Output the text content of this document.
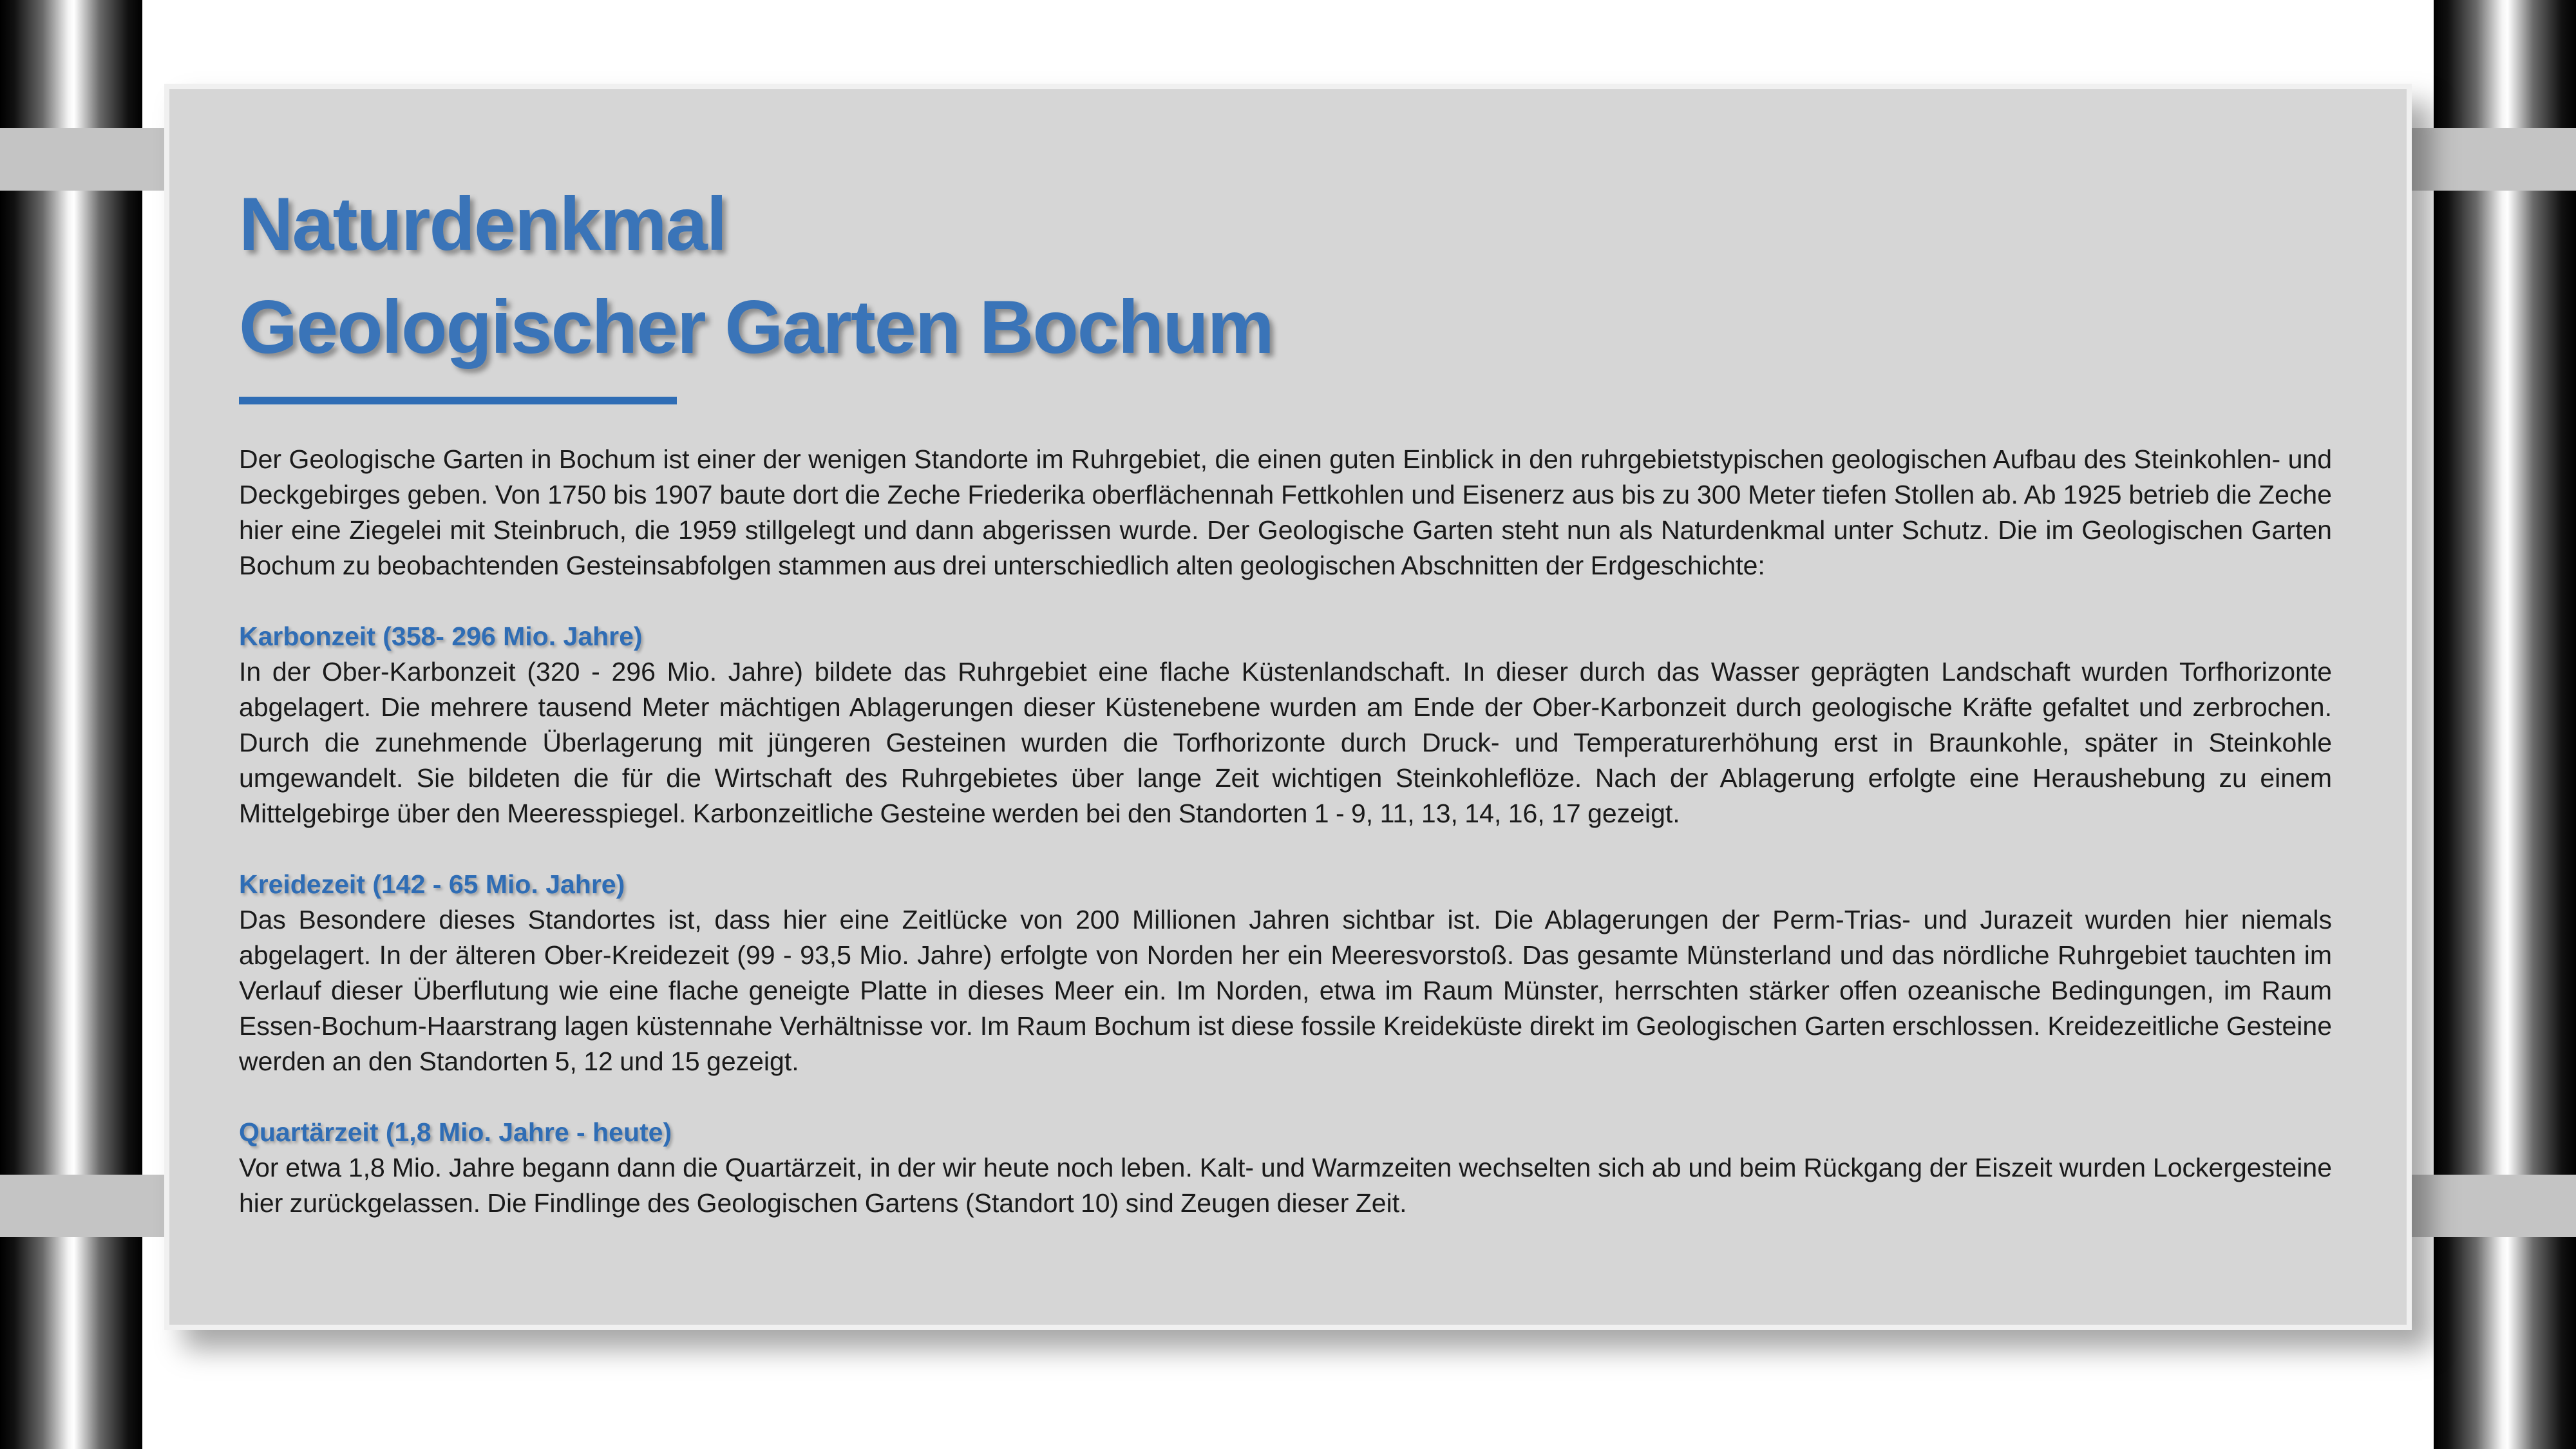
Naturdenkmal
Geologischer Garten Bochum

Der Geologische Garten in Bochum ist einer der wenigen Standorte im Ruhrgebiet, die einen guten Einblick in den ruhrgebietstypischen geologischen Aufbau des Steinkohlen- und Deckgebirges geben. Von 1750 bis 1907 baute dort die Zeche Friederika oberflächennah Fettkohlen und Eisenerz aus bis zu 300 Meter tiefen Stollen ab. Ab 1925 betrieb die Zeche hier eine Ziegelei mit Steinbruch, die 1959 stillgelegt und dann abgerissen wurde. Der Geologische Garten steht nun als Naturdenkmal unter Schutz. Die im Geologischen Garten Bochum zu beobachtenden Gesteinsabfolgen stammen aus drei unterschiedlich alten geologischen Abschnitten der Erdgeschichte:

Karbonzeit (358- 296 Mio. Jahre)

In der Ober-Karbonzeit (320 - 296 Mio. Jahre) bildete das Ruhrgebiet eine flache Küstenlandschaft. In dieser durch das Wasser geprägten Landschaft wurden Torfhorizonte abgelagert. Die mehrere tausend Meter mächtigen Ablagerungen dieser Küstenebene wurden am Ende der Ober-Karbonzeit durch geologische Kräfte gefaltet und zerbrochen. Durch die zunehmende Überlagerung mit jüngeren Gesteinen wurden die Torfhorizonte durch Druck- und Temperaturerhöhung erst in Braunkohle, später in Steinkohle umgewandelt. Sie bildeten die für die Wirtschaft des Ruhrgebietes über lange Zeit wichtigen Steinkohleflöze. Nach der Ablagerung erfolgte eine Heraushebung zu einem Mittelgebirge über den Meeresspiegel. Karbonzeitliche Gesteine werden bei den Standorten 1 - 9, 11, 13, 14, 16, 17 gezeigt.

Kreidezeit (142 - 65 Mio. Jahre)

Das Besondere dieses Standortes ist, dass hier eine Zeitlücke von 200 Millionen Jahren sichtbar ist. Die Ablagerungen der Perm-Trias- und Jurazeit wurden hier niemals abgelagert. In der älteren Ober-Kreidezeit (99 - 93,5 Mio. Jahre) erfolgte von Norden her ein Meeresvorstoß. Das gesamte Münsterland und das nördliche Ruhrgebiet tauchten im Verlauf dieser Überflutung wie eine flache geneigte Platte in dieses Meer ein. Im Norden, etwa im Raum Münster, herrschten stärker offen ozeanische Bedingungen, im Raum Essen-Bochum-Haarstrang lagen küstennahe Verhältnisse vor. Im Raum Bochum ist diese fossile Kreideküste direkt im Geologischen Garten erschlossen. Kreidezeitliche Gesteine werden an den Standorten 5, 12 und 15 gezeigt.

Quartärzeit (1,8 Mio. Jahre - heute)

Vor etwa 1,8 Mio. Jahre begann dann die Quartärzeit, in der wir heute noch leben. Kalt- und Warmzeiten wechselten sich ab und beim Rückgang der Eiszeit wurden Lockergesteine hier zurückgelassen. Die Findlinge des Geologischen Gartens (Standort 10) sind Zeugen dieser Zeit.
